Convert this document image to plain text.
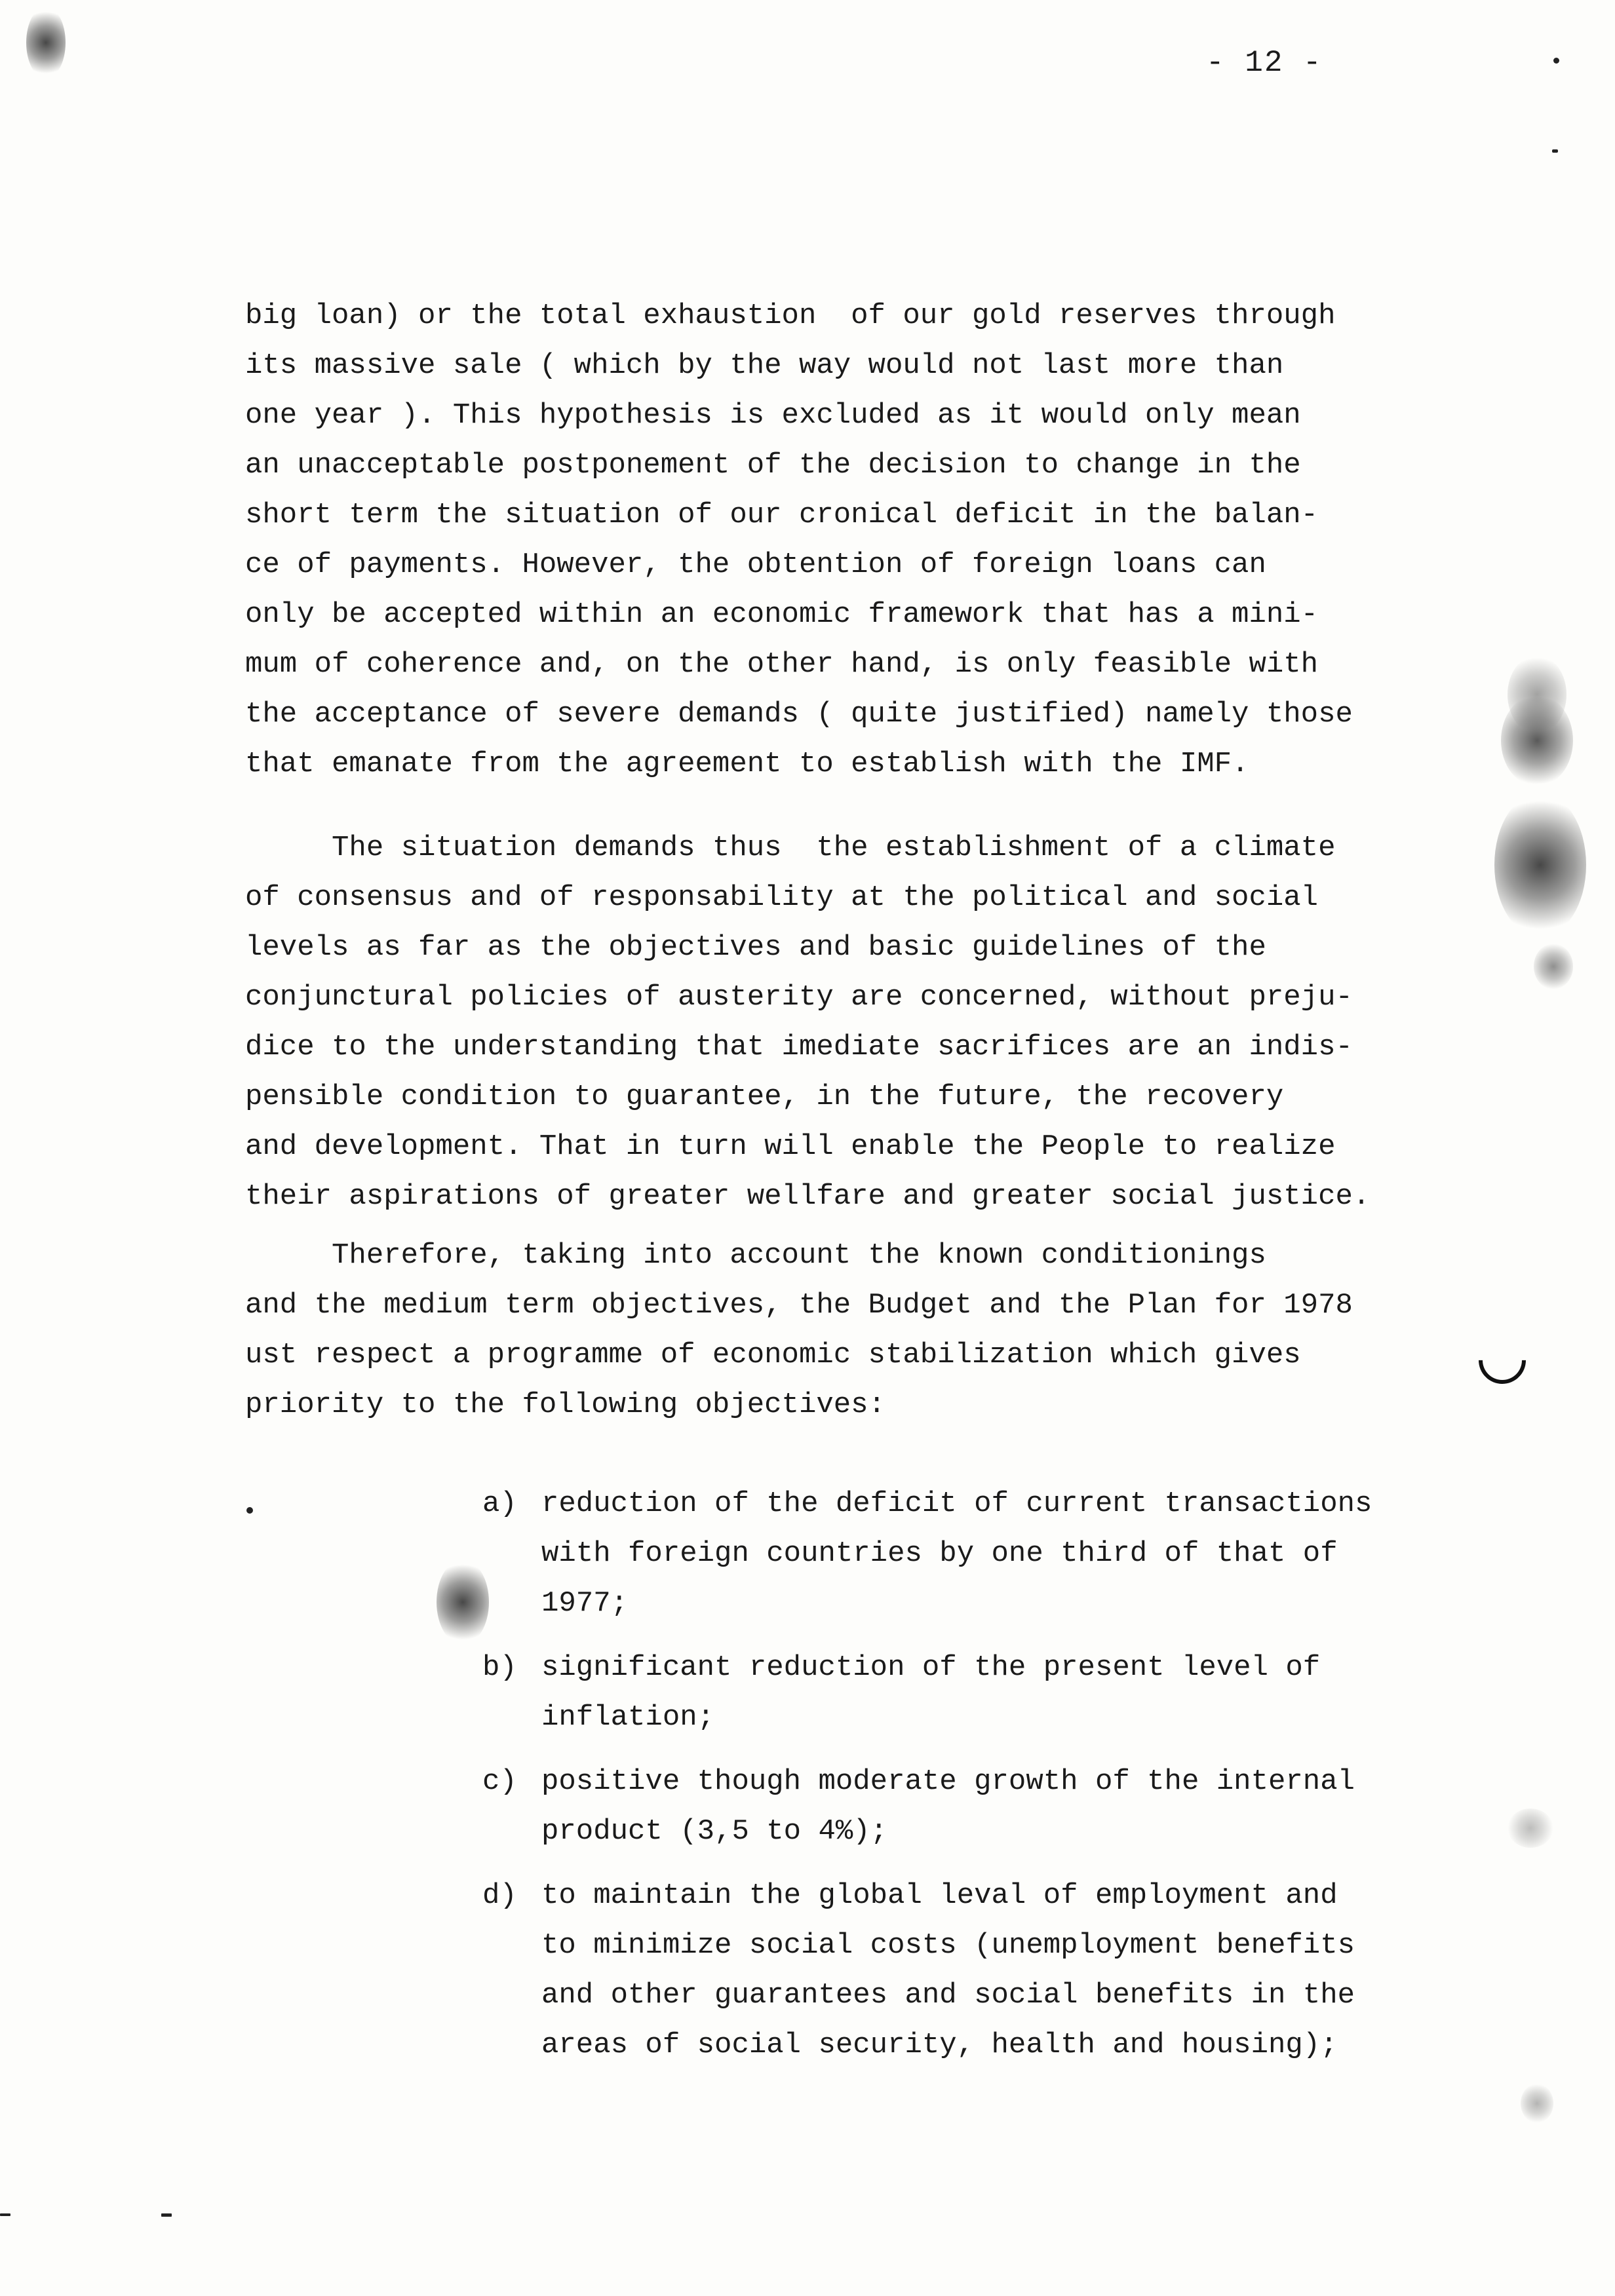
- 12 -
big loan) or the total exhaustion  of our gold reserves through
its massive sale ( which by the way would not last more than
one year ). This hypothesis is excluded as it would only mean
an unacceptable postponement of the decision to change in the
short term the situation of our cronical deficit in the balan-
ce of payments. However, the obtention of foreign loans can
only be accepted within an economic framework that has a mini-
mum of coherence and, on the other hand, is only feasible with
the acceptance of severe demands ( quite justified) namely those
that emanate from the agreement to establish with the IMF.
The situation demands thus  the establishment of a climate
of consensus and of responsability at the political and social
levels as far as the objectives and basic guidelines of the
conjunctural policies of austerity are concerned, without preju-
dice to the understanding that imediate sacrifices are an indis-
pensible condition to guarantee, in the future, the recovery
and development. That in turn will enable the People to realize
their aspirations of greater wellfare and greater social justice.
Therefore, taking into account the known conditionings
and the medium term objectives, the Budget and the Plan for 1978
ust respect a programme of economic stabilization which gives
priority to the following objectives:
a) reduction of the deficit of current transactions
with foreign countries by one third of that of
1977;
b) significant reduction of the present level of
inflation;
c) positive though moderate growth of the internal
product (3,5 to 4%);
d) to maintain the global leval of employment and
to minimize social costs (unemployment benefits
and other guarantees and social benefits in the
areas of social security, health and housing);
